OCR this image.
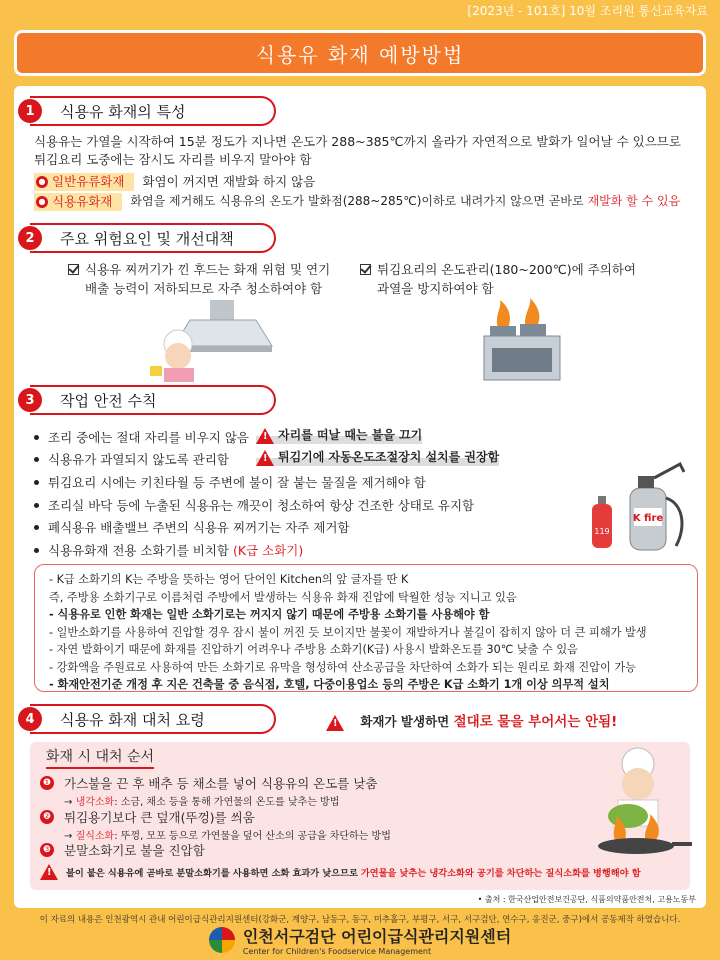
[2023년 - 101호] 10월 조리원 통신교육자료
식용유 화재 예방방법
1	식용유 화재의 특성
식용유는 가열을 시작하여 15분 정도가 지나면 온도가 288~385℃까지 올라가 자연적으로 발화가 일어날 수 있으므로
튀김요리 도중에는 잠시도 자리를 비우지 말아야 함
● 일반유류화재 화염이 꺼지면 재발화 하지 않음
● 식용유화재 화염을 제거해도 식용유의 온도가 발화점(288~285℃)이하로 내려가지 않으면 곧바로 재발화 할 수 있음
2	주요 위험요인 및 개선대책
식용유 찌꺼기가 낀 후드는 화재 위험 및 연기
배출 능력이 저하되므로 자주 청소하여야 함
튀김요리의 온도관리(180~200℃)에 주의하여
과열을 방지하여야 함
3	작업 안전 수칙
조리 중에는 절대 자리를 비우지 않음
식용유가 과열되지 않도록 관리함
튀김요리 시에는 키친타월 등 주변에 불이 잘 붙는 물질을 제거해야 함
조리실 바닥 등에 누출된 식용유는 깨끗이 청소하여 항상 건조한 상태로 유지함
폐식용유 배출밸브 주변의 식용유 찌꺼기는 자주 제거함
식용유화재 전용 소화기를 비치함 (K급 소화기)
!자리를 떠날 때는 불을 끄기
!튀김기에 자동온도조절장치 설치를 권장함
119
K fire
- K급 소화기의 K는 주방을 뜻하는 영어 단어인 Kitchen의 앞 글자를 딴 K
즉, 주방용 소화기구로 이름처럼 주방에서 발생하는 식용유 화재 진압에 탁월한 성능 지니고 있음
- 식용유로 인한 화재는 일반 소화기로는 꺼지지 않기 때문에 주방용 소화기를 사용해야 함
- 일반소화기를 사용하여 진압할 경우 잠시 불이 꺼진 듯 보이지만 불꽃이 재발하거나 불길이 잡히지 않아 더 큰 피해가 발생
- 자연 발화이기 때문에 화재를 진압하기 어려우나 주방용 소화기(K급) 사용시 발화온도를 30℃ 낮출 수 있음
- 강화액을 주원료로 사용하여 만든 소화기로 유막을 형성하여 산소공급을 차단하여 소화가 되는 원리로 화재 진압이 가능
- 화재안전기준 개정 후 지은 건축물 중 음식점, 호텔, 다중이용업소 등의 주방은 K급 소화기 1개 이상 의무적 설치
4	식용유 화재 대처 요령
!	화재가 발생하면 절대로 물을 부어서는 안됨!
화재 시 대처 순서
❶ 가스불을 끈 후 배추 등 채소를 넣어 식용유의 온도를 낮춤
→ 냉각소화: 소금, 채소 등을 통해 가연물의 온도를 낮추는 방법
❷ 튀김용기보다 큰 덮개(뚜껑)를 씌움
→ 질식소화: 뚜껑, 모포 등으로 가연물을 덮어 산소의 공급을 차단하는 방법
❸ 분말소화기로 불을 진압함
!
불이 붙은 식용유에 곧바로 분말소화기를 사용하면 소화 효과가 낮으므로 가연물을 낮추는 냉각소화와 공기를 차단하는 질식소화를 병행해야 함
• 출처 : 한국산업안전보건공단, 식품의약품안전처, 고용노동부
이 자료의 내용은 인천광역시 관내 어린이급식관리지원센터(강화군, 계양구, 남동구, 동구, 미추홀구, 부평구, 서구, 서구검단, 연수구, 옹진군, 중구)에서 공동제작 하였습니다.
인천서구검단 어린이급식관리지원센터
Center for Children's Foodservice Management
